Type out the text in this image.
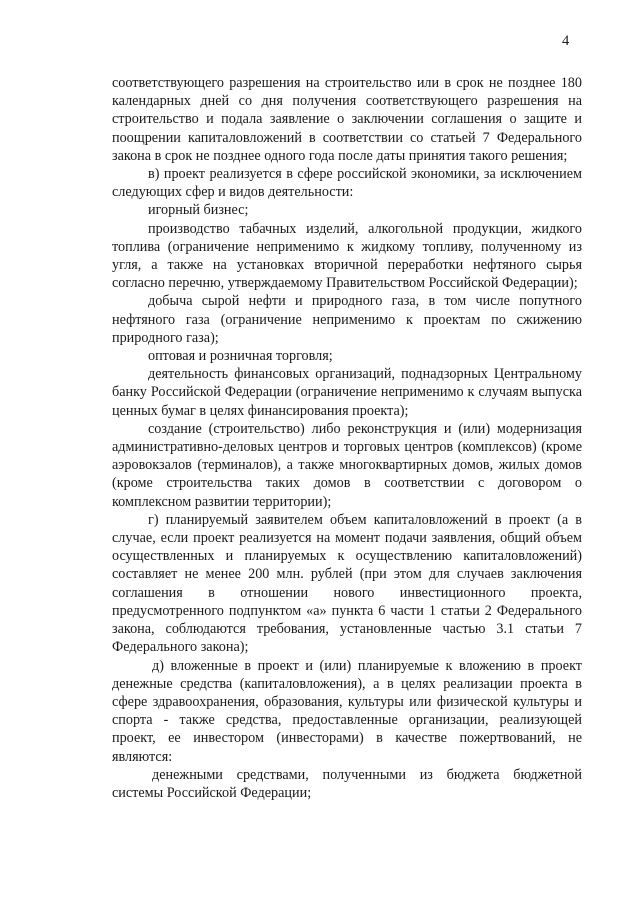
4

соответствующего разрешения на строительство или в срок не позднее 180 календарных дней со дня получения соответствующего разрешения на строительство и подала заявление о заключении соглашения о защите и поощрении капиталовложений в соответствии со статьей 7 Федерального закона в срок не позднее одного года после даты принятия такого решения;

в) проект реализуется в сфере российской экономики, за исключением следующих сфер и видов деятельности:

игорный бизнес;

производство табачных изделий, алкогольной продукции, жидкого топлива (ограничение неприменимо к жидкому топливу, полученному из угля, а также на установках вторичной переработки нефтяного сырья согласно перечню, утверждаемому Правительством Российской Федерации);

добыча сырой нефти и природного газа, в том числе попутного нефтяного газа (ограничение неприменимо к проектам по сжижению природного газа);

оптовая и розничная торговля;

деятельность финансовых организаций, поднадзорных Центральному банку Российской Федерации (ограничение неприменимо к случаям выпуска ценных бумаг в целях финансирования проекта);

создание (строительство) либо реконструкция и (или) модернизация административно-деловых центров и торговых центров (комплексов) (кроме аэровокзалов (терминалов), а также многоквартирных домов, жилых домов (кроме строительства таких домов в соответствии с договором о комплексном развитии территории);

г) планируемый заявителем объем капиталовложений в проект (а в случае, если проект реализуется на момент подачи заявления, общий объем осуществленных и планируемых к осуществлению капиталовложений) составляет не менее 200 млн. рублей (при этом для случаев заключения соглашения в отношении нового инвестиционного проекта, предусмотренного подпунктом «а» пункта 6 части 1 статьи 2 Федерального закона, соблюдаются требования, установленные частью 3.1 статьи 7 Федерального закона);

д) вложенные в проект и (или) планируемые к вложению в проект денежные средства (капиталовложения), а в целях реализации проекта в сфере здравоохранения, образования, культуры или физической культуры и спорта - также средства, предоставленные организации, реализующей проект, ее инвестором (инвесторами) в качестве пожертвований, не являются:

денежными средствами, полученными из бюджета бюджетной системы Российской Федерации;
